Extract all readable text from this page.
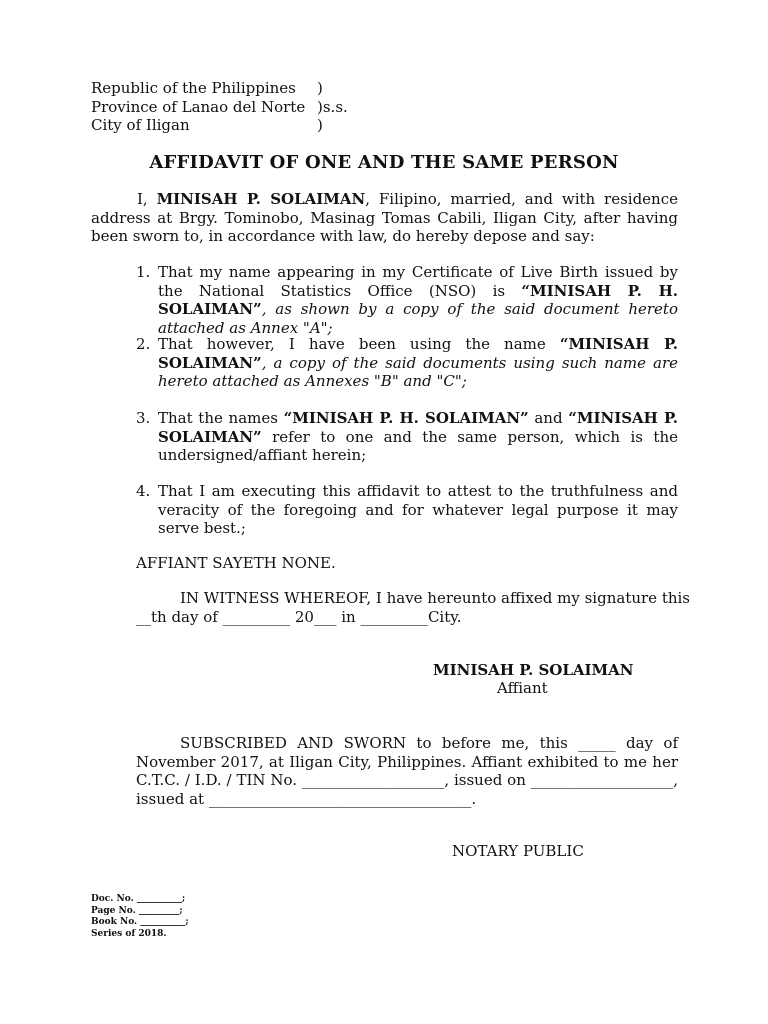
Republic of the Philippines	)
Province of Lanao del Norte )s.s.
City of Iligan	)
AFFIDAVIT OF ONE AND THE SAME PERSON
I, MINISAH P. SOLAIMAN, Filipino, married, and with residence address at Brgy. Tominobo, Masinag Tomas Cabili, Iligan City, after having been sworn to, in accordance with law, do hereby depose and say:
1. That my name appearing in my Certificate of Live Birth issued by the National Statistics Office (NSO) is “MINISAH P. H. SOLAIMAN”, as shown by a copy of the said document hereto attached as Annex "A";
2. That however, I have been using the name “MINISAH P. SOLAIMAN”, a copy of the said documents using such name are hereto attached as Annexes "B" and "C";
3. That the names “MINISAH P. H. SOLAIMAN” and “MINISAH P. SOLAIMAN” refer to one and the same person, which is the undersigned/affiant herein;
4. That I am executing this affidavit to attest to the truthfulness and veracity of the foregoing and for whatever legal purpose it may serve best.;
AFFIANT SAYETH NONE.
IN WITNESS WHEREOF, I have hereunto affixed my signature this
__th day of _________ 20___ in _________City.
MINISAH P. SOLAIMAN
Affiant
SUBSCRIBED AND SWORN to before me, this _____ day of November 2017, at Iligan City, Philippines. Affiant exhibited to me her C.T.C. / I.D. / TIN No. ___________________, issued on ___________________, issued at ___________________________________.
NOTARY PUBLIC
Doc. No. __________;
Page No. _________;
Book No. __________;
Series of 2018.
